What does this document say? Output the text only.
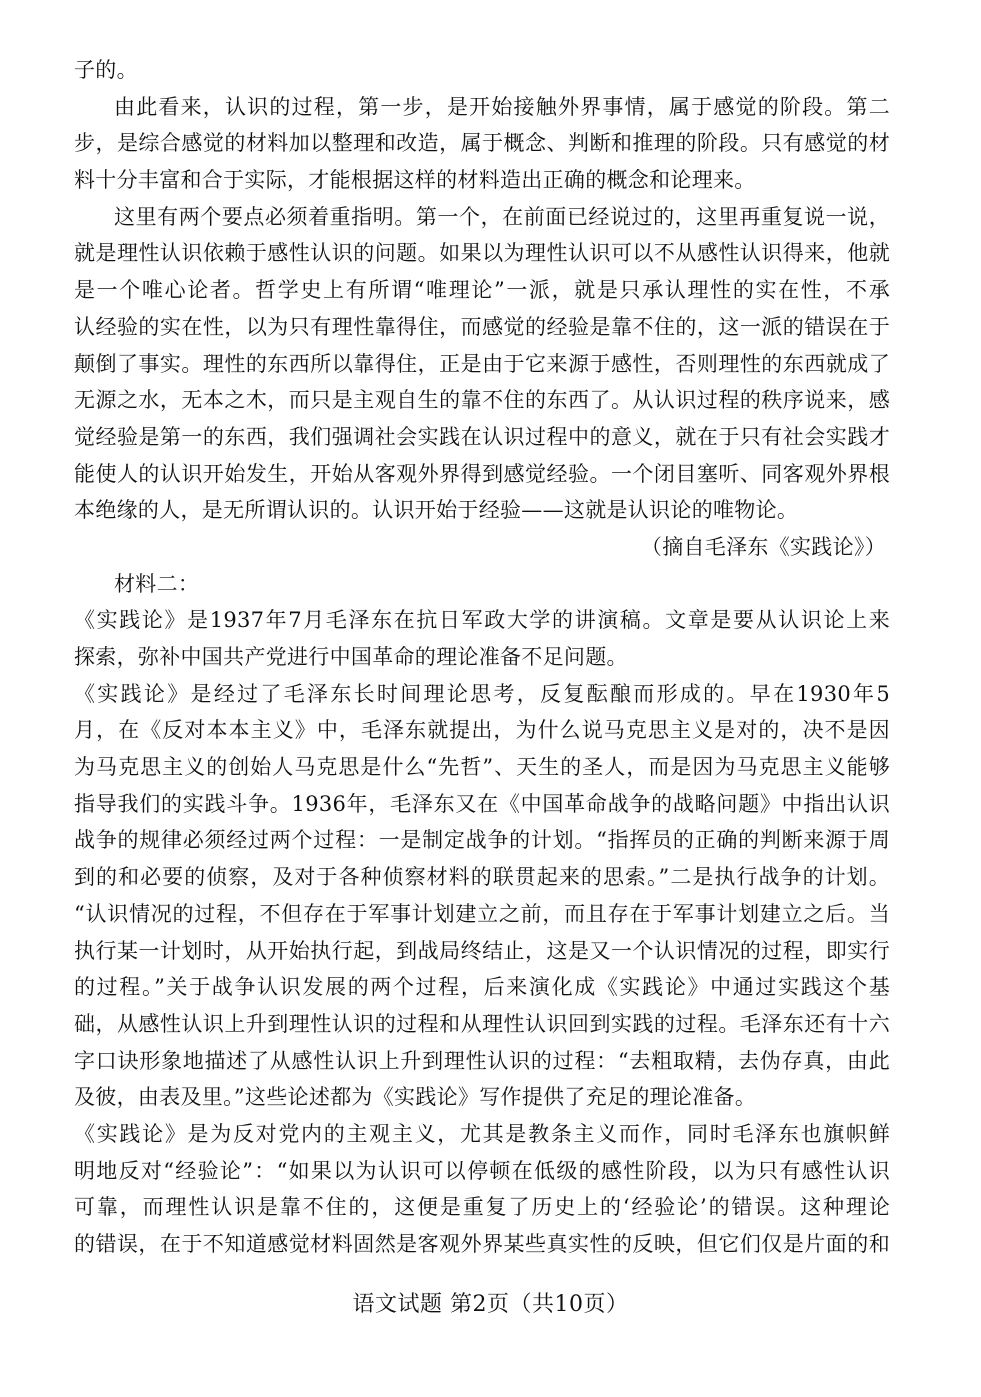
子的。
由此看来，认识的过程，第一步，是开始接触外界事情，属于感觉的阶段。第二
步，是综合感觉的材料加以整理和改造，属于概念、判断和推理的阶段。只有感觉的材
料十分丰富和合于实际，才能根据这样的材料造出正确的概念和论理来。
这里有两个要点必须着重指明。第一个，在前面已经说过的，这里再重复说一说，
就是理性认识依赖于感性认识的问题。如果以为理性认识可以不从感性认识得来，他就
是一个唯心论者。哲学史上有所谓“唯理论”一派，就是只承认理性的实在性，不承
认经验的实在性，以为只有理性靠得住，而感觉的经验是靠不住的，这一派的错误在于
颠倒了事实。理性的东西所以靠得住，正是由于它来源于感性，否则理性的东西就成了
无源之水，无本之木，而只是主观自生的靠不住的东西了。从认识过程的秩序说来，感
觉经验是第一的东西，我们强调社会实践在认识过程中的意义，就在于只有社会实践才
能使人的认识开始发生，开始从客观外界得到感觉经验。一个闭目塞听、同客观外界根
本绝缘的人，是无所谓认识的。认识开始于经验——这就是认识论的唯物论。
（摘自毛泽东《实践论》）
材料二：
《实践论》是1937年7月毛泽东在抗日军政大学的讲演稿。文章是要从认识论上来
探索，弥补中国共产党进行中国革命的理论准备不足问题。
《实践论》是经过了毛泽东长时间理论思考，反复酝酿而形成的。早在1930年5
月，在《反对本本主义》中，毛泽东就提出，为什么说马克思主义是对的，决不是因
为马克思主义的创始人马克思是什么“先哲”、天生的圣人，而是因为马克思主义能够
指导我们的实践斗争。1936年，毛泽东又在《中国革命战争的战略问题》中指出认识
战争的规律必须经过两个过程：一是制定战争的计划。“指挥员的正确的判断来源于周
到的和必要的侦察，及对于各种侦察材料的联贯起来的思索。”二是执行战争的计划。
“认识情况的过程，不但存在于军事计划建立之前，而且存在于军事计划建立之后。当
执行某一计划时，从开始执行起，到战局终结止，这是又一个认识情况的过程，即实行
的过程。”关于战争认识发展的两个过程，后来演化成《实践论》中通过实践这个基
础，从感性认识上升到理性认识的过程和从理性认识回到实践的过程。毛泽东还有十六
字口诀形象地描述了从感性认识上升到理性认识的过程：“去粗取精，去伪存真，由此
及彼，由表及里。”这些论述都为《实践论》写作提供了充足的理论准备。
《实践论》是为反对党内的主观主义，尤其是教条主义而作，同时毛泽东也旗帜鲜
明地反对“经验论”：“如果以为认识可以停顿在低级的感性阶段，以为只有感性认识
可靠，而理性认识是靠不住的，这便是重复了历史上的‘经验论’的错误。这种理论
的错误，在于不知道感觉材料固然是客观外界某些真实性的反映，但它们仅是片面的和
语文试题 第2页（共10页）
